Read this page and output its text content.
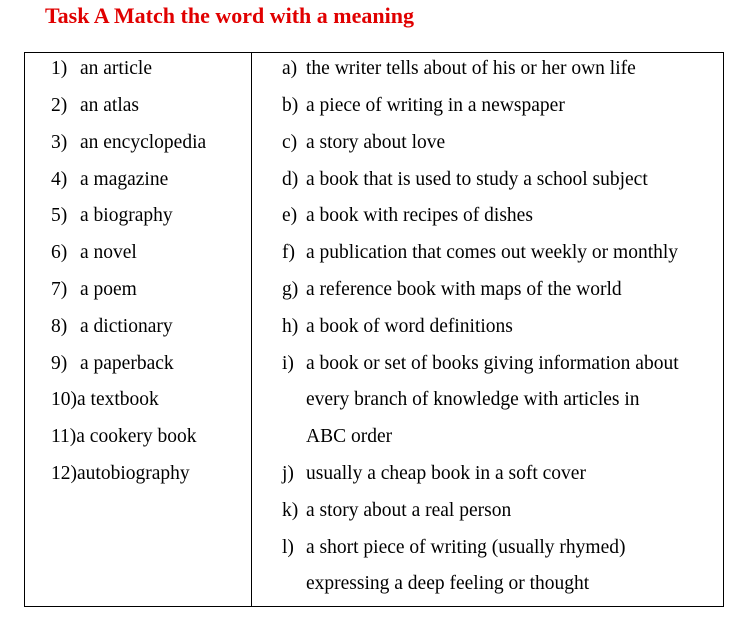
Task A Match the word with a meaning
1) an article
2) an atlas
3) an encyclopedia
4) a magazine
5) a biography
6) a novel
7) a poem
8) a dictionary
9) a paperback
10)a textbook
11)a cookery book
12)autobiography
a) the writer tells about of his or her own life
b) a piece of writing in a newspaper
c) a story about love
d) a book that is used to study a school subject
e) a book with recipes of dishes
f) a publication that comes out weekly or monthly
g) a reference book with maps of the world
h) a book of word definitions
i) a book or set of books giving information about
every branch of knowledge with articles in
ABC order
j) usually a cheap book in a soft cover
k) a story about a real person
l) a short piece of writing (usually rhymed)
expressing a deep feeling or thought
